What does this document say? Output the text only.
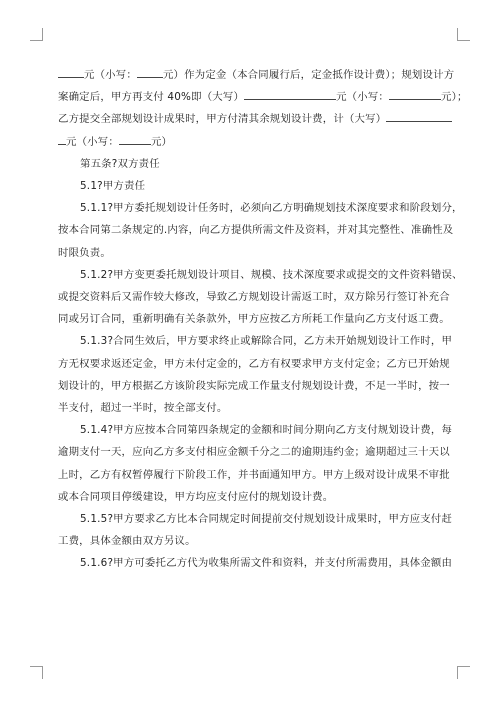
元（小写：	元）作为定金（本合同履行后，定金抵作设计费）；规划设计方
案确定后，甲方再支付 40%即（大写）	元（小写：	元）；
乙方提交全部规划设计成果时，甲方付清其余规划设计费，计（大写）
元（小写：	元）
第五条?双方责任
5.1?甲方责任
5.1.1?甲方委托规划设计任务时，必须向乙方明确规划技术深度要求和阶段划分，
按本合同第二条规定的.内容，向乙方提供所需文件及资料，并对其完整性、准确性及
时限负责。
5.1.2?甲方变更委托规划设计项目、规模、技术深度要求或提交的文件资料错误、
或提交资料后又需作较大修改，导致乙方规划设计需返工时，双方除另行签订补充合
同或另订合同，重新明确有关条款外，甲方应按乙方所耗工作量向乙方支付返工费。
5.1.3?合同生效后，甲方要求终止或解除合同，乙方未开始规划设计工作时，甲
方无权要求返还定金，甲方未付定金的，乙方有权要求甲方支付定金；乙方已开始规
划设计的，甲方根据乙方该阶段实际完成工作量支付规划设计费，不足一半时，按一
半支付，超过一半时，按全部支付。
5.1.4?甲方应按本合同第四条规定的金额和时间分期向乙方支付规划设计费，每
逾期支付一天，应向乙方多支付相应金额千分之二的逾期违约金；逾期超过三十天以
上时，乙方有权暂停履行下阶段工作，并书面通知甲方。甲方上级对设计成果不审批
或本合同项目停缓建设，甲方均应支付应付的规划设计费。
5.1.5?甲方要求乙方比本合同规定时间提前交付规划设计成果时，甲方应支付赶
工费，具体金额由双方另议。
5.1.6?甲方可委托乙方代为收集所需文件和资料，并支付所需费用，具体金额由
